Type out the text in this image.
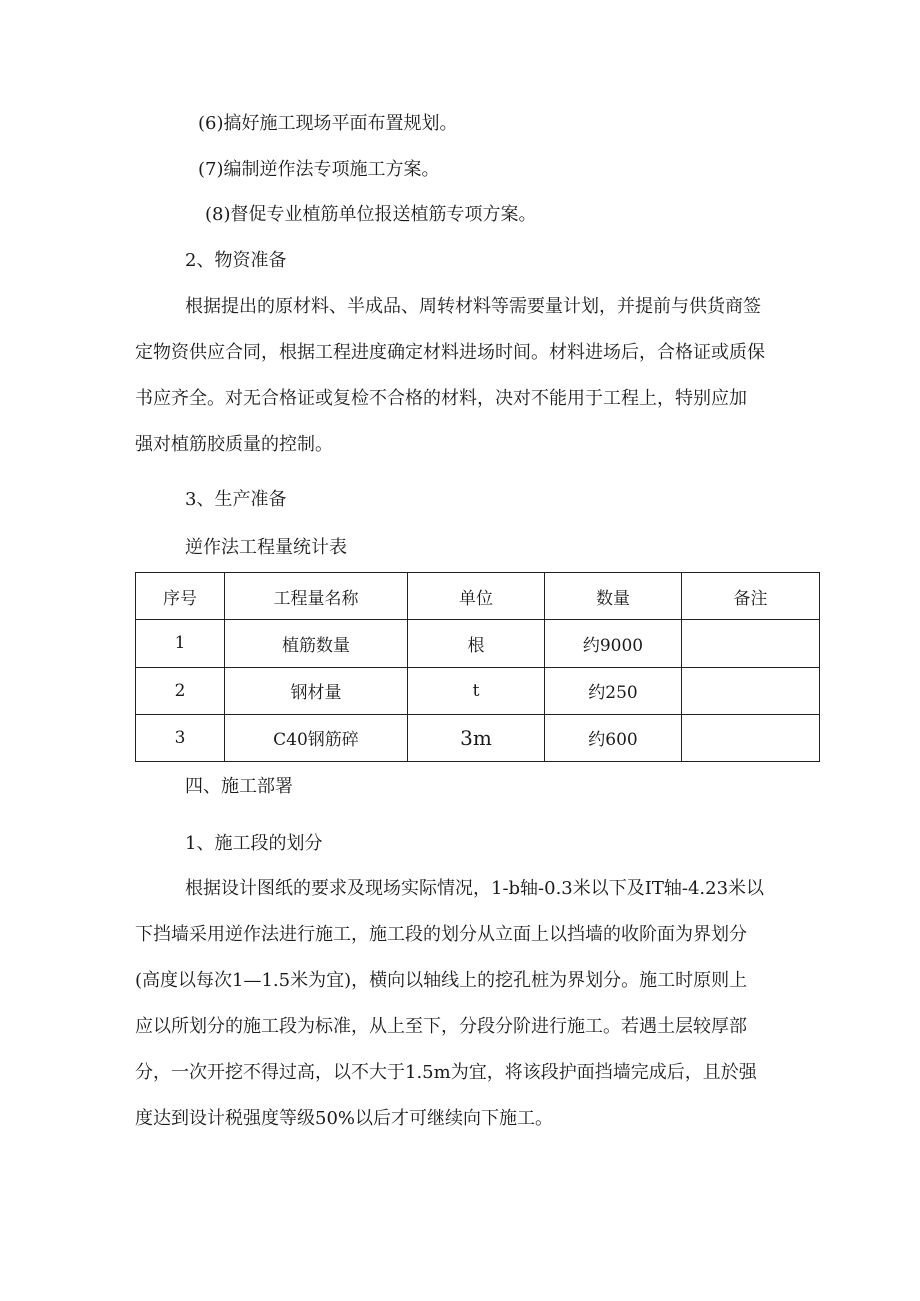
(6)搞好施工现场平面布置规划。
(7)编制逆作法专项施工方案。
(8)督促专业植筋单位报送植筋专项方案。
2、物资准备
根据提出的原材料、半成品、周转材料等需要量计划，并提前与供货商签
定物资供应合同，根据工程进度确定材料进场时间。材料进场后，合格证或质保
书应齐全。对无合格证或复检不合格的材料，决对不能用于工程上，特别应加
强对植筋胶质量的控制。
3、生产准备
逆作法工程量统计表
序号	工程量名称	单位	数量	备注
1	植筋数量	根	约9000	
2	钢材量	t	约250	
3	C40钢筋碎	3m	约600	
四、施工部署
1、施工段的划分
根据设计图纸的要求及现场实际情况，1-b轴-0.3米以下及IT轴-4.23米以
下挡墙采用逆作法进行施工，施工段的划分从立面上以挡墙的收阶面为界划分
(高度以每次1—1.5米为宜)，横向以轴线上的挖孔桩为界划分。施工时原则上
应以所划分的施工段为标准，从上至下，分段分阶进行施工。若遇土层较厚部
分，一次开挖不得过高，以不大于1.5m为宜，将该段护面挡墙完成后，且於强
度达到设计税强度等级50%以后才可继续向下施工。
